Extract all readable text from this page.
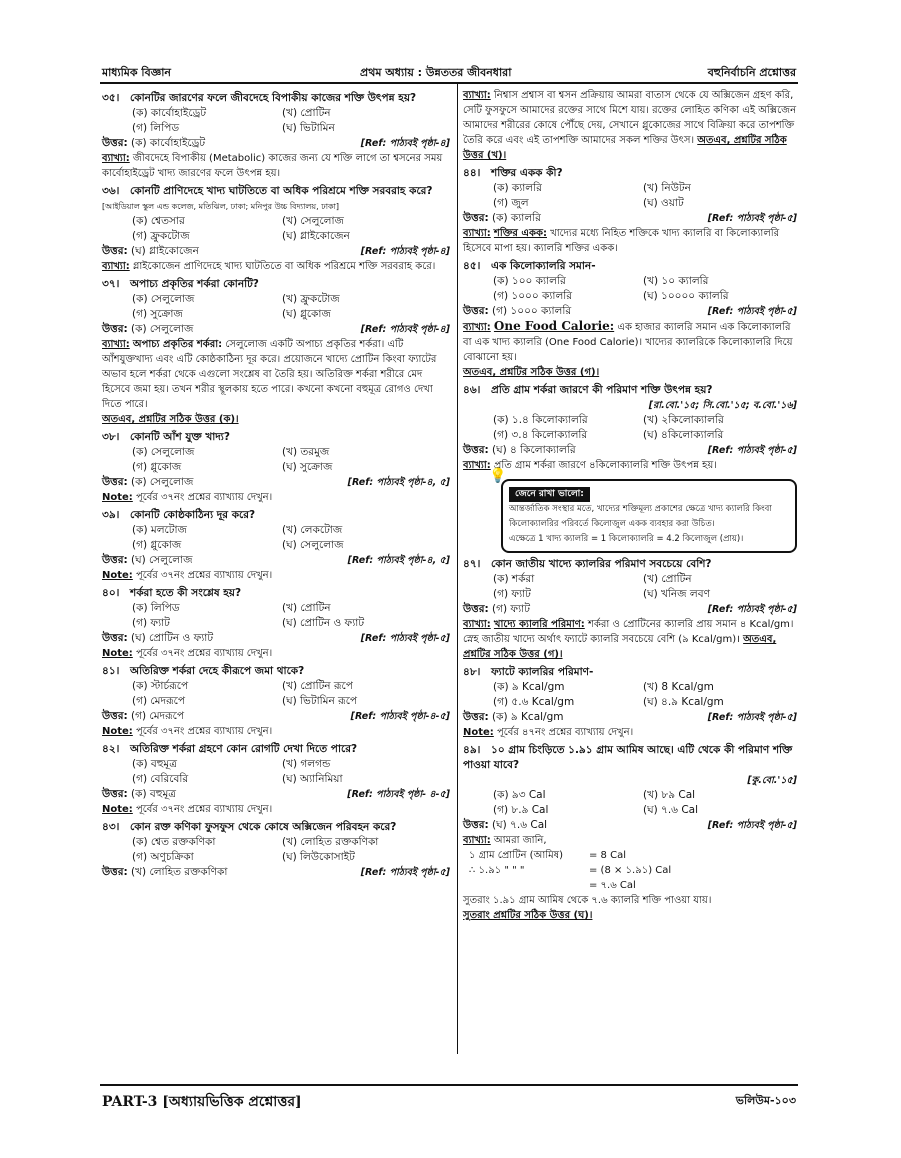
মাধ্যমিক বিজ্ঞান	প্রথম অধ্যায় : উন্নততর জীবনধারা	বহুনির্বাচনি প্রশ্নোত্তর
৩৫। কোনটির জারণের ফলে জীবদেহে বিপাকীয় কাজের শক্তি উৎপন্ন হয়?
(ক) কার্বোহাইড্রেট	(খ) প্রোটিন
(গ) লিপিড	(ঘ) ভিটামিন
উত্তর: (ক) কার্বোহাইড্রেট	[Ref: পাঠ্যবই পৃষ্ঠা-৪]
ব্যাখ্যা: জীবদেহে বিপাকীয় (Metabolic) কাজের জন্য যে শক্তি লাগে তা শ্বসনের সময় কার্বোহাইড্রেট খাদ্য জারণের ফলে উৎপন্ন হয়।
৩৬। কোনটি প্রাণিদেহে খাদ্য ঘাটতিতে বা অধিক পরিশ্রমে শক্তি সরবরাহ করে? [আইডিয়াল স্কুল এন্ড কলেজ, মতিঝিল, ঢাকা; মনিপুর উচ্চ বিদ্যালয়, ঢাকা]
(ক) শ্বেতসার	(খ) সেলুলোজ
(গ) ফ্রুকটোজ	(ঘ) গ্লাইকোজেন
উত্তর: (ঘ) গ্লাইকোজেন	[Ref: পাঠ্যবই পৃষ্ঠা-৪]
ব্যাখ্যা: গ্লাইকোজেন প্রাণিদেহে খাদ্য ঘাটতিতে বা অধিক পরিশ্রমে শক্তি সরবরাহ করে।
৩৭। অপাচ্য প্রকৃতির শর্করা কোনটি?
(ক) সেলুলোজ	(খ) ফ্রুকটোজ
(গ) সুক্রোজ	(ঘ) গ্লুকোজ
উত্তর: (ক) সেলুলোজ	[Ref: পাঠ্যবই পৃষ্ঠা-৪]
ব্যাখ্যা: অপাচ্য প্রকৃতির শর্করা: সেলুলোজ একটি অপাচ্য প্রকৃতির শর্করা। এটি আঁশযুক্তখাদ্য এবং এটি কোষ্ঠকাঠিন্য দূর করে। প্রয়োজনে খাদ্যে প্রোটিন কিংবা ফ্যাটের অভাব হলে শর্করা থেকে এগুলো সংশ্লেষ বা তৈরি হয়। অতিরিক্ত শর্করা শরীরে মেদ হিসেবে জমা হয়। তখন শরীর স্থূলকায় হতে পারে। কখনো কখনো বহুমূত্র রোগও দেখা দিতে পারে।
অতএব, প্রশ্নটির সঠিক উত্তর (ক)।
৩৮। কোনটি আঁশ যুক্ত খাদ্য?
(ক) সেলুলোজ	(খ) তরমুজ
(গ) গ্লুকোজ	(ঘ) সুক্রোজ
উত্তর: (ক) সেলুলোজ	[Ref: পাঠ্যবই পৃষ্ঠা-৪, ৫]
Note: পূর্বের ৩৭নং প্রশ্নের ব্যাখ্যায় দেখুন।
৩৯। কোনটি কোষ্ঠকাঠিন্য দূর করে?
(ক) মলটোজ	(খ) লেকটোজ
(গ) গ্লুকোজ	(ঘ) সেলুলোজ
উত্তর: (ঘ) সেলুলোজ	[Ref: পাঠ্যবই পৃষ্ঠা-৪, ৫]
Note: পূর্বের ৩৭নং প্রশ্নের ব্যাখ্যায় দেখুন।
৪০। শর্করা হতে কী সংশ্লেষ হয়?
(ক) লিপিড	(খ) প্রোটিন
(গ) ফ্যাট	(ঘ) প্রোটিন ও ফ্যাট
উত্তর: (ঘ) প্রোটিন ও ফ্যাট	[Ref: পাঠ্যবই পৃষ্ঠা-৫]
Note: পূর্বের ৩৭নং প্রশ্নের ব্যাখ্যায় দেখুন।
৪১। অতিরিক্ত শর্করা দেহে কীরূপে জমা থাকে?
(ক) স্টার্চরূপে	(খ) প্রোটিন রূপে
(গ) মেদরূপে	(ঘ) ভিটামিন রূপে
উত্তর: (গ) মেদরূপে	[Ref: পাঠ্যবই পৃষ্ঠা-৪-৫]
Note: পূর্বের ৩৭নং প্রশ্নের ব্যাখ্যায় দেখুন।
৪২। অতিরিক্ত শর্করা গ্রহণে কোন রোগটি দেখা দিতে পারে?
(ক) বহুমূত্র	(খ) গলগন্ড
(গ) বেরিবেরি	(ঘ) অ্যানিমিয়া
উত্তর: (ক) বহুমূত্র	[Ref: পাঠ্যবই পৃষ্ঠা- ৪-৫]
Note: পূর্বের ৩৭নং প্রশ্নের ব্যাখ্যায় দেখুন।
৪৩। কোন রক্ত কণিকা ফুসফুস থেকে কোষে অক্সিজেন পরিবহন করে?
(ক) শ্বেত রক্তকণিকা	(খ) লোহিত রক্তকণিকা
(গ) অণুচক্রিকা	(ঘ) লিউকোসাইট
উত্তর: (খ) লোহিত রক্তকণিকা	[Ref: পাঠ্যবই পৃষ্ঠা-৫]
ব্যাখ্যা: নিশ্বাস প্রশ্বাস বা শ্বসন প্রক্রিয়ায় আমরা বাতাস থেকে যে অক্সিজেন গ্রহণ করি, সেটি ফুসফুসে আমাদের রক্তের সাথে মিশে যায়। রক্তের লোহিত কণিকা এই অক্সিজেন আমাদের শরীরের কোষে পৌঁছে দেয়, সেখানে গ্লুকোজের সাথে বিক্রিয়া করে তাপশক্তি তৈরি করে এবং এই তাপশক্তি আমাদের সকল শক্তির উৎস। অতএব, প্রশ্নটির সঠিক উত্তর (খ)।
৪৪। শক্তির একক কী?
(ক) ক্যালরি	(খ) নিউটন
(গ) জুল	(ঘ) ওয়াট
উত্তর: (ক) ক্যালরি	[Ref: পাঠ্যবই পৃষ্ঠা-৫]
ব্যাখ্যা: শক্তির একক: খাদ্যের মধ্যে নিহিত শক্তিকে খাদ্য ক্যালরি বা কিলোক্যালরি হিসেবে মাপা হয়। ক্যালরি শক্তির একক।
৪৫। এক কিলোক্যালরি সমান-
(ক) ১০০ ক্যালরি	(খ) ১০ ক্যালরি
(গ) ১০০০ ক্যালরি	(ঘ) ১০০০০ ক্যালরি
উত্তর: (গ) ১০০০ ক্যালরি	[Ref: পাঠ্যবই পৃষ্ঠা-৫]
ব্যাখ্যা: One Food Calorie: এক হাজার ক্যালরি সমান এক কিলোক্যালরি বা এক খাদ্য ক্যালরি (One Food Calorie)। খাদ্যের ক্যালরিকে কিলোক্যালরি দিয়ে বোঝানো হয়।
অতএব, প্রশ্নটির সঠিক উত্তর (গ)।
৪৬। প্রতি গ্রাম শর্করা জারণে কী পরিমাণ শক্তি উৎপন্ন হয়?
[রা.বো.'১৫; সি.বো.'১৫; ব.বো.'১৬]
(ক) ১.৪ কিলোক্যালরি	(খ) ২কিলোক্যালরি
(গ) ৩.৪ কিলোক্যালরি	(ঘ) ৪কিলোক্যালরি
উত্তর: (ঘ) ৪ কিলোক্যালরি	[Ref: পাঠ্যবই পৃষ্ঠা-৫]
ব্যাখ্যা: প্রতি গ্রাম শর্করা জারণে ৪কিলোক্যালরি শক্তি উৎপন্ন হয়।
💡
জেনে রাখা ভালো:
আন্তর্জাতিক সংস্থার মতে, খাদ্যের শক্তিমূল্য প্রকাশের ক্ষেত্রে খাদ্য ক্যালরি কিংবা কিলোক্যালরির পরিবর্তে কিলোজুল একক ব্যবহার করা উচিত।
এক্ষেত্রে 1 খাদ্য ক্যালরি = 1 কিলোক্যালরি = 4.2 কিলোজুল (প্রায়)।
৪৭। কোন জাতীয় খাদ্যে ক্যালরির পরিমাণ সবচেয়ে বেশি?
(ক) শর্করা	(খ) প্রোটিন
(গ) ফ্যাট	(ঘ) খনিজ লবণ
উত্তর: (গ) ফ্যাট	[Ref: পাঠ্যবই পৃষ্ঠা-৫]
ব্যাখ্যা: খাদ্যে ক্যালরি পরিমাণ: শর্করা ও প্রোটিনের ক্যালরি প্রায় সমান ৪ Kcal/gm। স্নেহ জাতীয় খাদ্যে অর্থাৎ ফ্যাটে ক্যালরি সবচেয়ে বেশি (৯ Kcal/gm)। অতএব, প্রশ্নটির সঠিক উত্তর (গ)।
৪৮। ফ্যাটে ক্যালরির পরিমাণ-
(ক) ৯ Kcal/gm	(খ) 8 Kcal/gm
(গ) ৫.৬ Kcal/gm	(ঘ) ৪.৯ Kcal/gm
উত্তর: (ক) ৯ Kcal/gm	[Ref: পাঠ্যবই পৃষ্ঠা-৫]
Note: পূর্বের ৪৭নং প্রশ্নের ব্যাখ্যায় দেখুন।
৪৯। ১০ গ্রাম চিংড়িতে ১.৯১ গ্রাম আমিষ আছে। এটি থেকে কী পরিমাণ শক্তি পাওয়া যাবে?
[কু.বো.'১৫]
(ক) ৯৩ Cal	(খ) ৮৯ Cal
(গ) ৮.৯ Cal	(ঘ) ৭.৬ Cal
উত্তর: (ঘ) ৭.৬ Cal	[Ref: পাঠ্যবই পৃষ্ঠা-৫]
ব্যাখ্যা: আমরা জানি,
১ গ্রাম প্রোটিন (আমিষ)	= 8 Cal
∴ ১.৯১ " " "	= (8 × ১.৯১) Cal
= ৭.৬ Cal
সুতরাং ১.৯১ গ্রাম আমিষ থেকে ৭.৬ ক্যালরি শক্তি পাওয়া যায়।
সুতরাং প্রশ্নটির সঠিক উত্তর (ঘ)।
PART-3 [অধ্যায়ভিত্তিক প্রশ্নোত্তর]	ভলিউম-১০৩
